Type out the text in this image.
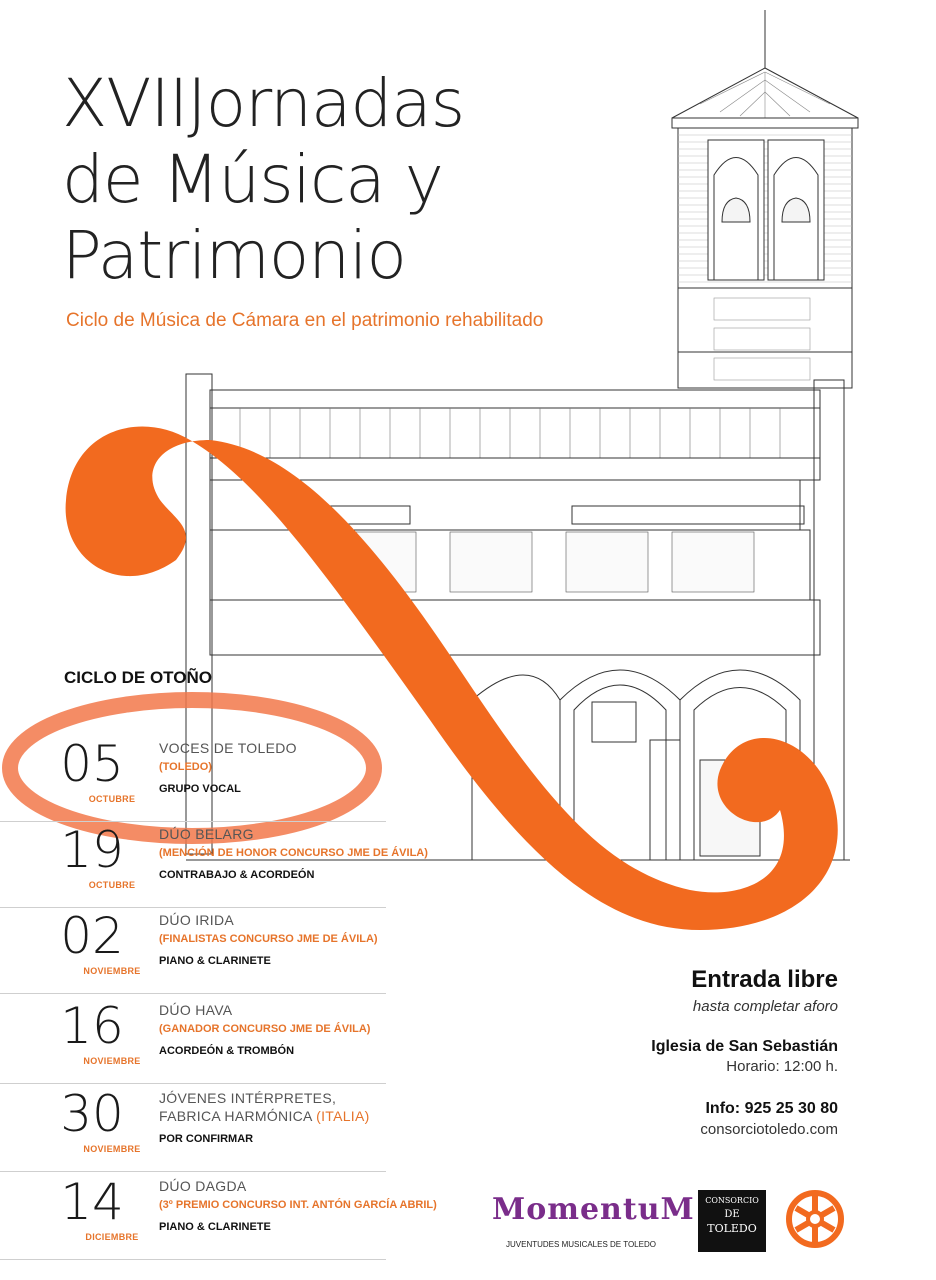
XVIIJornadas
de Música y
Patrimonio
Ciclo de Música de Cámara en el patrimonio rehabilitado
CICLO DE OTOÑO
05
OCTUBRE
VOCES DE TOLEDO
(TOLEDO)
GRUPO VOCAL
19
OCTUBRE
DÚO BELARG
(MENCIÓN DE HONOR CONCURSO JME DE ÁVILA)
CONTRABAJO & ACORDEÓN
02
NOVIEMBRE
DÚO IRIDA
(FINALISTAS CONCURSO JME DE ÁVILA)
PIANO & CLARINETE
16
NOVIEMBRE
DÚO HAVA
(GANADOR CONCURSO JME DE ÁVILA)
ACORDEÓN & TROMBÓN
30
NOVIEMBRE
JÓVENES INTÉRPRETES,
FABRICA HARMÓNICA (ITALIA)
POR CONFIRMAR
14
DICIEMBRE
DÚO DAGDA
(3º PREMIO CONCURSO INT. ANTÓN GARCÍA ABRIL)
PIANO & CLARINETE
Entrada libre
hasta completar aforo
Iglesia de San Sebastián
Horario: 12:00 h.
Info: 925 25 30 80
consorciotoledo.com
MomentuM
JUVENTUDES MUSICALES DE TOLEDO
CONSORCIO
DE
TOLEDO
